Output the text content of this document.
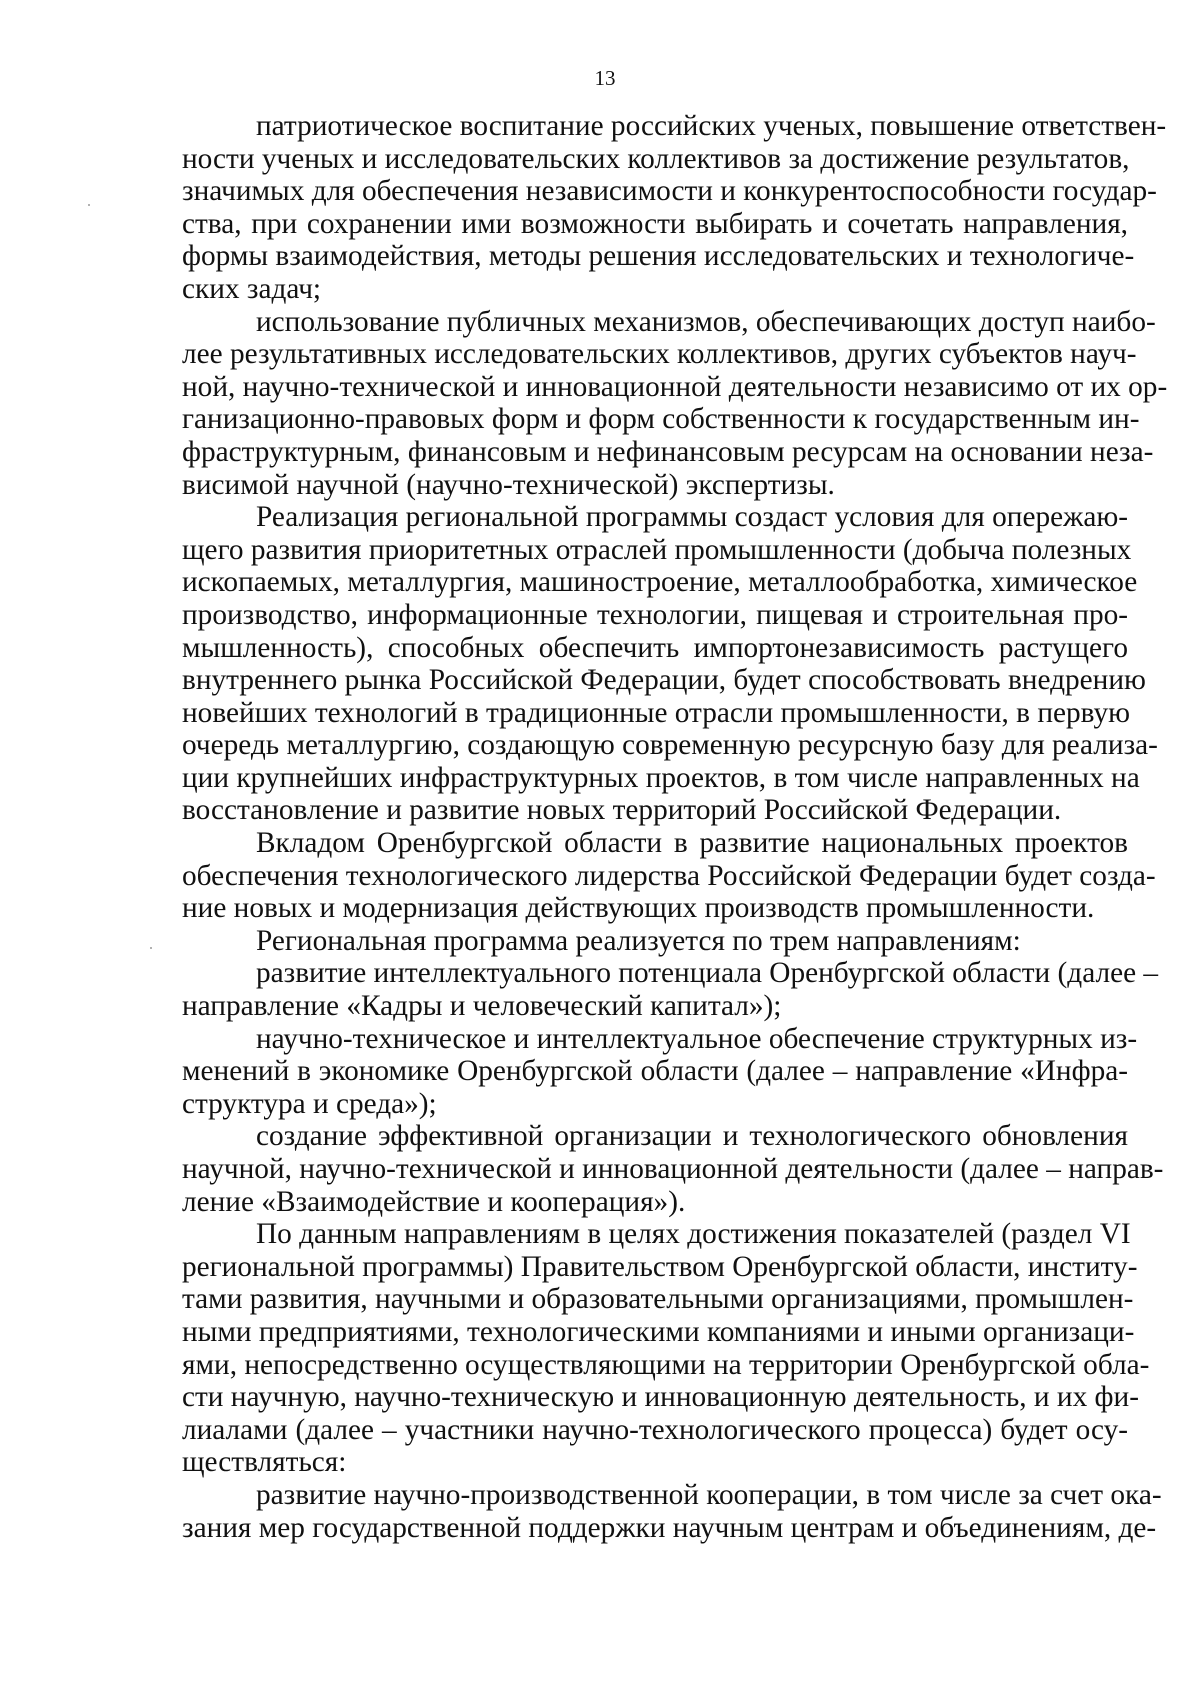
13
патриотическое воспитание российских ученых, повышение ответствен-
ности ученых и исследовательских коллективов за достижение результатов,
значимых для обеспечения независимости и конкурентоспособности государ-
ства, при сохранении ими возможности выбирать и сочетать направления,
формы взаимодействия, методы решения исследовательских и технологиче-
ских задач;
использование публичных механизмов, обеспечивающих доступ наибо-
лее результативных исследовательских коллективов, других субъектов науч-
ной, научно-технической и инновационной деятельности независимо от их ор-
ганизационно-правовых форм и форм собственности к государственным ин-
фраструктурным, финансовым и нефинансовым ресурсам на основании неза-
висимой научной (научно-технической) экспертизы.
Реализация региональной программы создаст условия для опережаю-
щего развития приоритетных отраслей промышленности (добыча полезных
ископаемых, металлургия, машиностроение, металлообработка, химическое
производство, информационные технологии, пищевая и строительная про-
мышленность), способных обеспечить импортонезависимость растущего
внутреннего рынка Российской Федерации, будет способствовать внедрению
новейших технологий в традиционные отрасли промышленности, в первую
очередь металлургию, создающую современную ресурсную базу для реализа-
ции крупнейших инфраструктурных проектов, в том числе направленных на
восстановление и развитие новых территорий Российской Федерации.
Вкладом Оренбургской области в развитие национальных проектов
обеспечения технологического лидерства Российской Федерации будет созда-
ние новых и модернизация действующих производств промышленности.
Региональная программа реализуется по трем направлениям:
развитие интеллектуального потенциала Оренбургской области (далее –
направление «Кадры и человеческий капитал»);
научно-техническое и интеллектуальное обеспечение структурных из-
менений в экономике Оренбургской области (далее – направление «Инфра-
структура и среда»);
создание эффективной организации и технологического обновления
научной, научно-технической и инновационной деятельности (далее – направ-
ление «Взаимодействие и кооперация»).
По данным направлениям в целях достижения показателей (раздел VI
региональной программы) Правительством Оренбургской области, институ-
тами развития, научными и образовательными организациями, промышлен-
ными предприятиями, технологическими компаниями и иными организаци-
ями, непосредственно осуществляющими на территории Оренбургской обла-
сти научную, научно-техническую и инновационную деятельность, и их фи-
лиалами (далее – участники научно-технологического процесса) будет осу-
ществляться:
развитие научно-производственной кооперации, в том числе за счет ока-
зания мер государственной поддержки научным центрам и объединениям, де-
